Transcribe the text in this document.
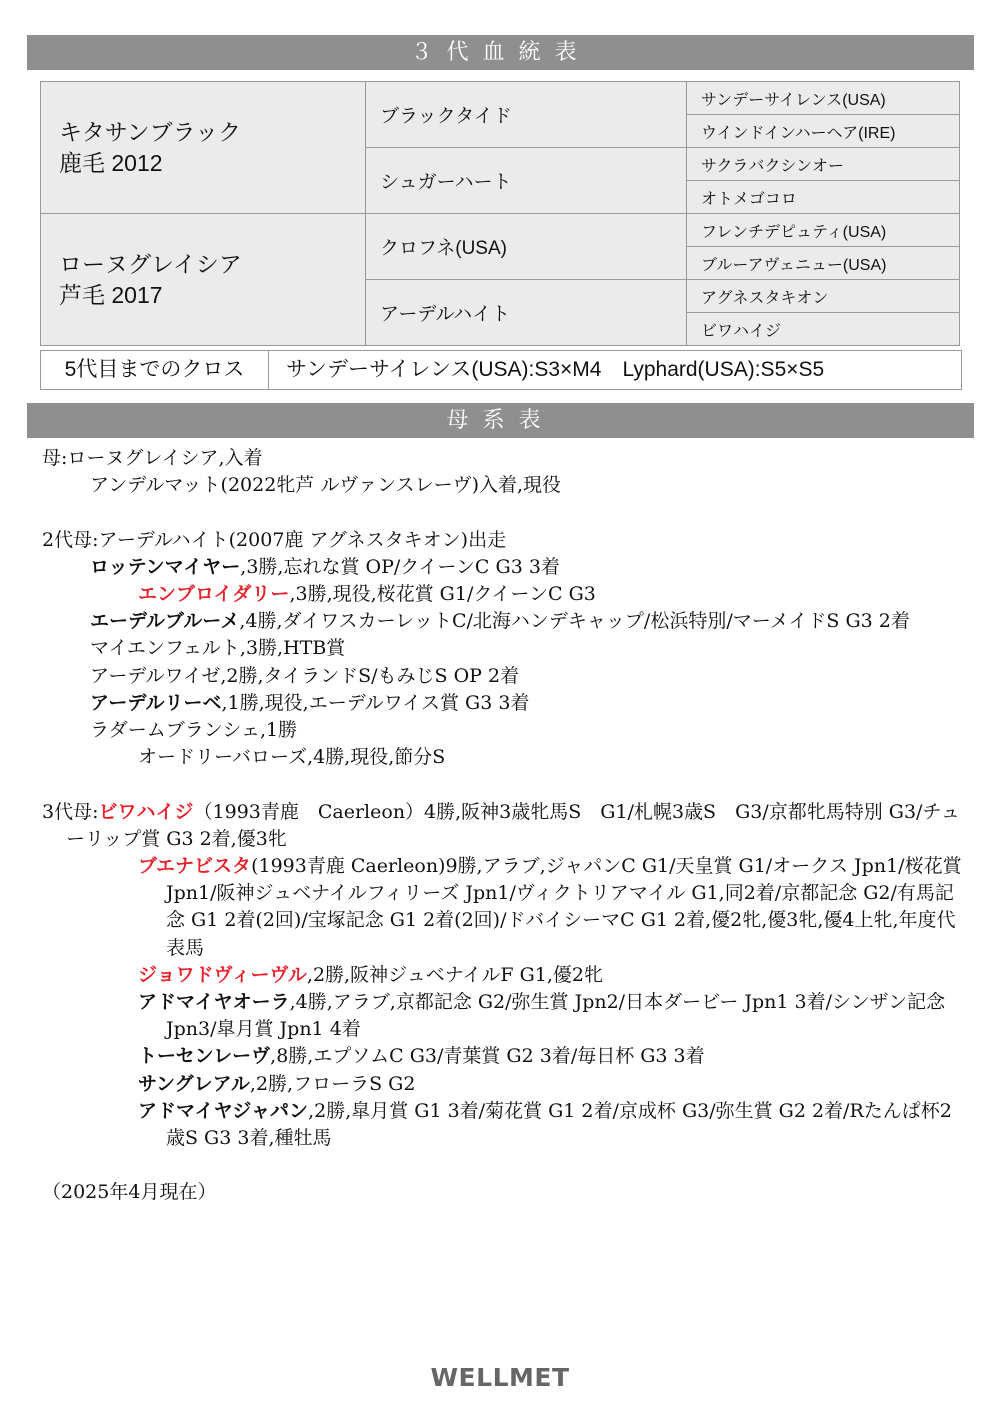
３代血統表
キタサンブラック
鹿毛 2012	ブラックタイド	サンデーサイレンス(USA)
		ウインドインハーヘア(IRE)
	シュガーハート	サクラバクシンオー
		オトメゴコロ

ローヌグレイシア
芦毛 2017	クロフネ(USA)	フレンチデピュティ(USA)
		ブルーアヴェニュー(USA)
	アーデルハイト	アグネスタキオン
		ビワハイジ
5代目までのクロス	サンデーサイレンス(USA):S3×M4　Lyphard(USA):S5×S5
母系表

母:ローヌグレイシア,入着

アンデルマット(2022牝芦 ルヴァンスレーヴ)入着,現役

2代母:アーデルハイト(2007鹿 アグネスタキオン)出走

ロッテンマイヤー,3勝,忘れな賞 OP/クイーンC G3 3着

エンブロイダリー,3勝,現役,桜花賞 G1/クイーンC G3

エーデルブルーメ,4勝,ダイワスカーレットC/北海ハンデキャップ/松浜特別/マーメイドS G3 2着

マイエンフェルト,3勝,HTB賞

アーデルワイゼ,2勝,タイランドS/もみじS OP 2着

アーデルリーベ,1勝,現役,エーデルワイス賞 G3 3着

ラダームブランシェ,1勝

オードリーバローズ,4勝,現役,節分S

3代母:ビワハイジ（1993青鹿　Caerleon）4勝,阪神3歳牝馬S　G1/札幌3歳S　G3/京都牝馬特別 G3/チューリップ賞 G3 2着,優3牝

ブエナビスタ(1993青鹿 Caerleon)9勝,アラブ,ジャパンC G1/天皇賞 G1/オークス Jpn1/桜花賞 Jpn1/阪神ジュベナイルフィリーズ Jpn1/ヴィクトリアマイル G1,同2着/京都記念 G2/有馬記念 G1 2着(2回)/宝塚記念 G1 2着(2回)/ドバイシーマC G1 2着,優2牝,優3牝,優4上牝,年度代表馬

ジョワドヴィーヴル,2勝,阪神ジュベナイルF G1,優2牝

アドマイヤオーラ,4勝,アラブ,京都記念 G2/弥生賞 Jpn2/日本ダービー Jpn1 3着/シンザン記念 Jpn3/皐月賞 Jpn1 4着

トーセンレーヴ,8勝,エプソムC G3/青葉賞 G2 3着/毎日杯 G3 3着

サングレアル,2勝,フローラS G2

アドマイヤジャパン,2勝,皐月賞 G1 3着/菊花賞 G1 2着/京成杯 G3/弥生賞 G2 2着/Rたんぱ杯2歳S G3 3着,種牡馬

（2025年4月現在）

WELLMET
